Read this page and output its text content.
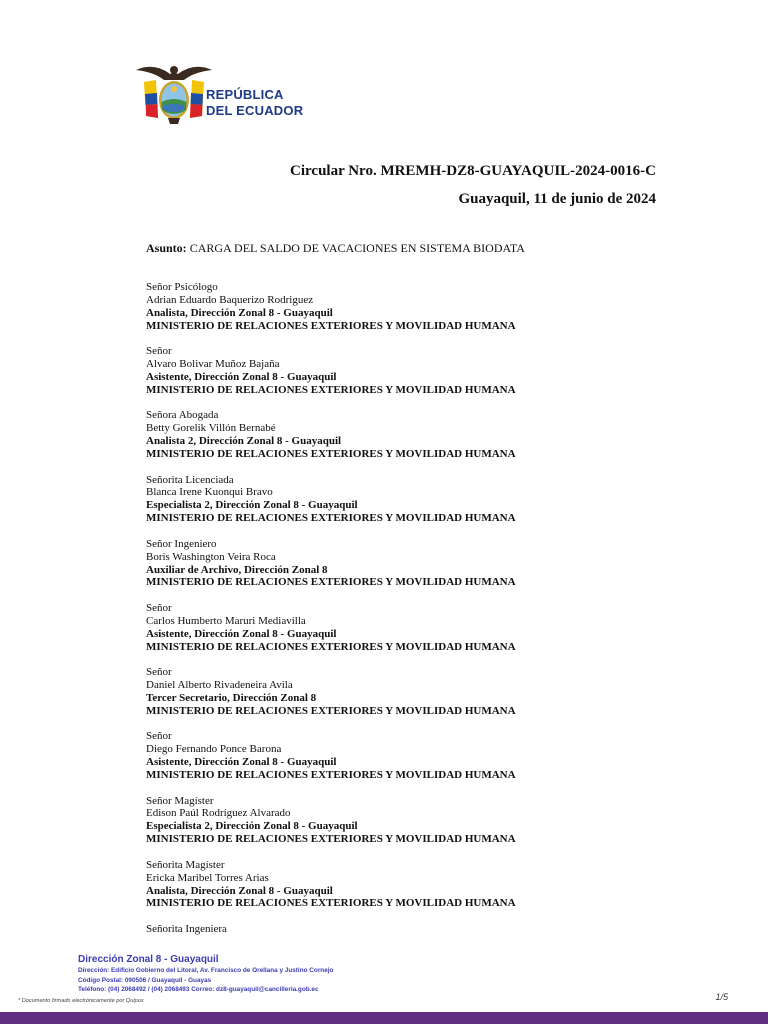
REPÚBLICA
DEL ECUADOR
Circular Nro. MREMH-DZ8-GUAYAQUIL-2024-0016-C
Guayaquil, 11 de junio de 2024
Asunto: CARGA DEL SALDO DE VACACIONES EN SISTEMA BIODATA
Señor Psicólogo
Adrian Eduardo Baquerizo Rodriguez
Analista, Dirección Zonal 8 - Guayaquil
MINISTERIO DE RELACIONES EXTERIORES Y MOVILIDAD HUMANA
Señor
Alvaro Bolivar Muñoz Bajaña
Asistente, Dirección Zonal 8 - Guayaquil
MINISTERIO DE RELACIONES EXTERIORES Y MOVILIDAD HUMANA
Señora Abogada
Betty Gorelik Villón Bernabé
Analista 2, Dirección Zonal 8 - Guayaquil
MINISTERIO DE RELACIONES EXTERIORES Y MOVILIDAD HUMANA
Señorita Licenciada
Blanca Irene Kuonqui Bravo
Especialista 2, Dirección Zonal 8 - Guayaquil
MINISTERIO DE RELACIONES EXTERIORES Y MOVILIDAD HUMANA
Señor Ingeniero
Boris Washington Veira Roca
Auxiliar de Archivo, Dirección Zonal 8
MINISTERIO DE RELACIONES EXTERIORES Y MOVILIDAD HUMANA
Señor
Carlos Humberto Maruri Mediavilla
Asistente, Dirección Zonal 8 - Guayaquil
MINISTERIO DE RELACIONES EXTERIORES Y MOVILIDAD HUMANA
Señor
Daniel Alberto Rivadeneira Avila
Tercer Secretario, Dirección Zonal 8
MINISTERIO DE RELACIONES EXTERIORES Y MOVILIDAD HUMANA
Señor
Diego Fernando Ponce Barona
Asistente, Dirección Zonal 8 - Guayaquil
MINISTERIO DE RELACIONES EXTERIORES Y MOVILIDAD HUMANA
Señor Magíster
Edison Paúl Rodríguez Alvarado
Especialista 2, Dirección Zonal 8 - Guayaquil
MINISTERIO DE RELACIONES EXTERIORES Y MOVILIDAD HUMANA
Señorita Magíster
Ericka Maribel Torres Arias
Analista, Dirección Zonal 8 - Guayaquil
MINISTERIO DE RELACIONES EXTERIORES Y MOVILIDAD HUMANA
Señorita Ingeniera
Dirección Zonal 8 - Guayaquil
Dirección: Edificio Gobierno del Litoral, Av. Francisco de Orellana y Justino Cornejo
Código Postal: 090506 / Guayaquil - Guayas
Teléfono: (04) 2068492 / (04) 2068493 Correo: dz8-guayaquil@cancilleria.gob.ec
* Documento firmado electrónicamente por Quipux	1/5
